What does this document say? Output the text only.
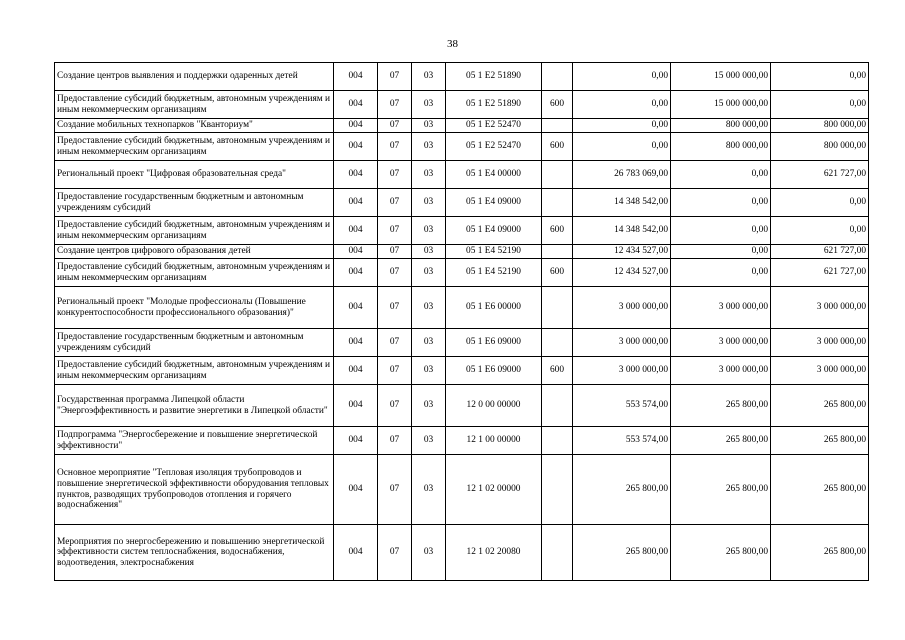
38
Создание центров выявления и поддержки одаренных детей	004	07	03	05 1 E2 51890		0,00	15 000 000,00	0,00
Предоставление субсидий бюджетным, автономным учреждениям и иным некоммерческим организациям	004	07	03	05 1 E2 51890	600	0,00	15 000 000,00	0,00
Создание мобильных технопарков "Кванториум"	004	07	03	05 1 E2 52470		0,00	800 000,00	800 000,00
Предоставление субсидий бюджетным, автономным учреждениям и иным некоммерческим организациям	004	07	03	05 1 E2 52470	600	0,00	800 000,00	800 000,00
Региональный проект "Цифровая образовательная среда"	004	07	03	05 1 E4 00000		26 783 069,00	0,00	621 727,00
Предоставление государственным бюджетным и автономным учреждениям субсидий	004	07	03	05 1 E4 09000		14 348 542,00	0,00	0,00
Предоставление субсидий бюджетным, автономным учреждениям и иным некоммерческим организациям	004	07	03	05 1 E4 09000	600	14 348 542,00	0,00	0,00
Создание центров цифрового образования детей	004	07	03	05 1 E4 52190		12 434 527,00	0,00	621 727,00
Предоставление субсидий бюджетным, автономным учреждениям и иным некоммерческим организациям	004	07	03	05 1 E4 52190	600	12 434 527,00	0,00	621 727,00
Региональный проект "Молодые профессионалы (Повышение конкурентоспособности профессионального образования)"	004	07	03	05 1 E6 00000		3 000 000,00	3 000 000,00	3 000 000,00
Предоставление государственным бюджетным и автономным учреждениям субсидий	004	07	03	05 1 E6 09000		3 000 000,00	3 000 000,00	3 000 000,00
Предоставление субсидий бюджетным, автономным учреждениям и иным некоммерческим организациям	004	07	03	05 1 E6 09000	600	3 000 000,00	3 000 000,00	3 000 000,00
Государственная программа Липецкой области "Энергоэффективность и развитие энергетики в Липецкой области"	004	07	03	12 0 00 00000		553 574,00	265 800,00	265 800,00
Подпрограмма "Энергосбережение и повышение энергетической эффективности"	004	07	03	12 1 00 00000		553 574,00	265 800,00	265 800,00
Основное мероприятие "Тепловая изоляция трубопроводов и повышение энергетической эффективности оборудования тепловых пунктов, разводящих трубопроводов отопления и горячего водоснабжения"	004	07	03	12 1 02 00000		265 800,00	265 800,00	265 800,00
Мероприятия по энергосбережению и повышению энергетической эффективности систем теплоснабжения, водоснабжения, водоотведения, электроснабжения	004	07	03	12 1 02 20080		265 800,00	265 800,00	265 800,00
